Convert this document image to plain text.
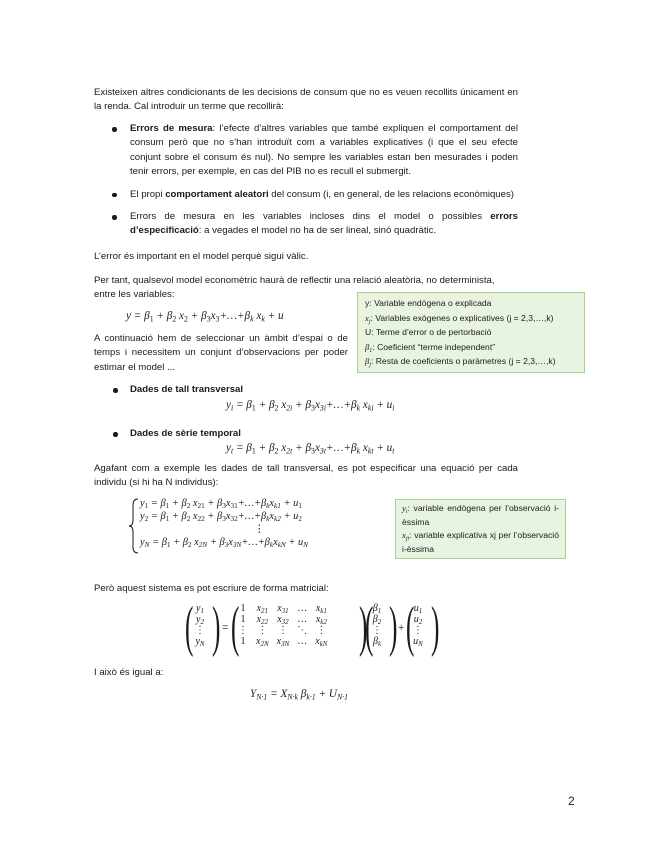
Existeixen altres condicionants de les decisions de consum que no es veuen recollits únicament en la renda. Cal introduir un terme que recollirà:

Errors de mesura: l’efecte d’altres variables que també expliquen el comportament del consum però que no s’han introduït com a variables explicatives (i que el seu efecte conjunt sobre el consum és nul). No sempre les variables estan ben mesurades i poden tenir errors, per exemple, en cas del PIB no es recull el submergit.
El propi comportament aleatori del consum (i, en general, de les relacions econòmiques)
Errors de mesura en les variables incloses dins el model o possibles errors d’especificació: a vegades el model no ha de ser lineal, sinó quadràtic.

L’error és important en el model perquè sigui vàlic.

Per tant, qualsevol model economètric haurà de reflectir una relació aleatòria, no determinista, entre les variables:

$y = \beta_1 + \beta_2$ $x_2$ + $\beta_3x_3+\dots+\beta_k$ $x_k + u$
y: Variable endògena o explicada
$x_j$: Variables exògenes o explicatives (j = 2,3,…,k)
U: Terme d’error o de pertorbació
$\beta_1$: Coeficient “terme independent”
$\beta_j$: Resta de coeficients o paràmetres (j = 2,3,…,k)

A continuació hem de seleccionar un àmbit d’espai o de temps i necessitem un conjunt d’observacions per poder estimar el model ...

Dades de tall transversal
$y_i = \beta_1 + \beta_2$ $x_{2i}$ + $\beta_3x_{3i}+\dots+\beta_k$ $x_{ki} + u_i$
Dades de sèrie temporal
$y_t = \beta_1 + \beta_2$ $x_{2t}$ + $\beta_3x_{3t}+\dots+\beta_k$ $x_{kt} + u_t$

Agafant com a exemple les dades de tall transversal, es pot especificar una equació per cada individu (si hi ha N individus):

$y_1 = \beta_1 + \beta_2$ $x_{21}$ + $\beta_3x_{31}+\dots+\beta_kx_{k1} + u_1$
$y_2 = \beta_1 + \beta_2$ $x_{22}$ + $\beta_3x_{32}+\dots+\beta_kx_{k2} + u_2$
⋮
$y_N = \beta_1 + \beta_2$ $x_{2N}$ + $\beta_3x_{3N}+\dots+\beta_kx_{kN} + u_N$
$y_i$: variable endògena per l’observació i-èssima
$x_{ji}$: variable explicativa xj per l’observació i-èssima

Però aquest sistema es pot escriure de forma matricial:

( $y_1$
$y_2$
⋮
$y_N$ ) = ( 1	$x_{21}$	$x_{31}$	…	$x_{k1}$
1	$x_{22}$	$x_{32}$	…	$x_{k2}$
⋮	⋮	⋮	⋱	⋮
1	$x_{2N}$	$x_{3N}$	…	$x_{kN}$ )
( $\beta_1$
$\beta_2$
⋮
$\beta_k$ ) + ( $u_1$
$u_2$
⋮
$u_N$ )

I això és igual a:

$Y_{N\cdot 1} = X_{N\cdot k}$ $\beta_{k\cdot 1} + U_{N\cdot 1}$
2
